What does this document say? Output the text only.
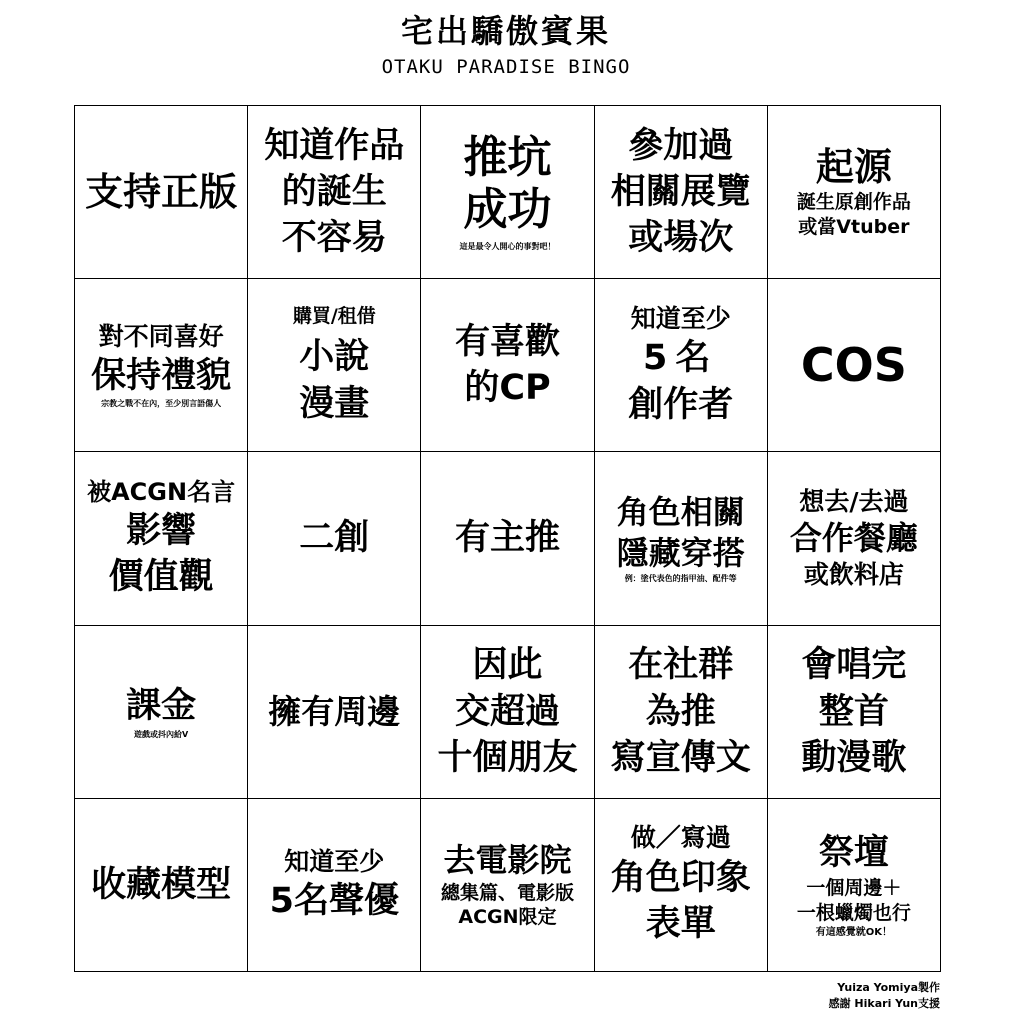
宅出驕傲賓果
OTAKU PARADISE BINGO
支持正版
知道作品
的誕生
不容易
推坑
成功
這是最令人開心的事對吧！
參加過
相關展覽
或場次
起源
誕生原創作品
或當Vtuber
對不同喜好
保持禮貌
宗教之戰不在內，至少別言語傷人
購買/租借
小說
漫畫
有喜歡
的CP
知道至少
5名
創作者
COS
被ACGN名言
影響
價值觀
二創 有主推
角色相關
隱藏穿搭
例：塗代表色的指甲油、配件等
想去/去過
合作餐廳
或飲料店
課金
遊戲或抖內給V
擁有周邊
因此
交超過
十個朋友
在社群
為推
寫宣傳文
會唱完
整首
動漫歌
收藏模型
知道至少
5名聲優
去電影院
總集篇、電影版
ACGN限定
做／寫過
角色印象
表單
祭壇
一個周邊＋
一根蠟燭也行
有這感覺就OK！
Yuiza Yomiya製作
感謝 Hikari Yun支援
